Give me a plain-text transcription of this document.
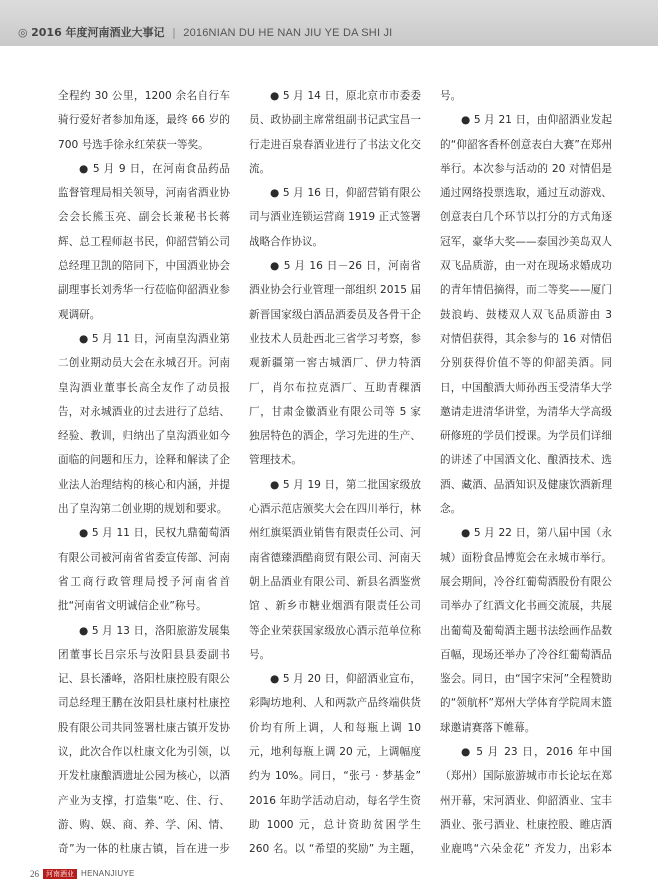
◎ 2016 年度河南酒业大事记 | 2016NIAN DU HE NAN JIU YE DA SHI JI

全程约 30 公里，1200 余名自行车骑行爱好者参加角逐，最终 66 岁的 700 号选手徐永红荣获一等奖。

● 5 月 9 日，在河南食品药品监督管理局相关领导，河南省酒业协会会长熊玉亮、副会长兼秘书长蒋辉、总工程师赵书民，仰韶营销公司总经理卫凯的陪同下，中国酒业协会副理事长刘秀华一行莅临仰韶酒业参观调研。

● 5 月 11 日，河南皇沟酒业第二创业期动员大会在永城召开。河南皇沟酒业董事长高全友作了动员报告，对永城酒业的过去进行了总结、经验、教训，归纳出了皇沟酒业如今面临的问题和压力，诠释和解读了企业法人治理结构的核心和内涵，并提出了皇沟第二创业期的规划和要求。

● 5 月 11 日，民权九鼎葡萄酒有限公司被河南省省委宣传部、河南省工商行政管理局授予河南省首批“河南省文明诚信企业”称号。

● 5 月 13 日，洛阳旅游发展集团董事长吕宗乐与汝阳县县委副书记、县长潘峰，洛阳杜康控股有限公司总经理王鹏在汝阳县杜康村杜康控股有限公司共同签署杜康古镇开发协议，此次合作以杜康文化为引领，以开发杜康酿酒遗址公园为核心，以酒产业为支撑，打造集“吃、住、行、游、购、娱、商、养、学、闲、情、奇”为一体的杜康古镇，旨在进一步

● 5 月 14 日，原北京市市委委员、政协副主席常组副书记武宝昌一行走进百泉春酒业进行了书法文化交流。

● 5 月 16 日，仰韶营销有限公司与酒业连锁运营商 1919 正式签署战略合作协议。

● 5 月 16 日－26 日，河南省酒业协会行业管理一部组织 2015 届新晋国家级白酒品酒委员及各骨干企业技术人员赴西北三省学习考察，参观新疆第一窖古城酒厂、伊力特酒厂，肖尔布拉克酒厂、互助青稞酒厂，甘肃金徽酒业有限公司等 5 家独居特色的酒企，学习先进的生产、管理技术。

● 5 月 19 日，第二批国家级放心酒示范店颁奖大会在四川举行，林州红旗渠酒业销售有限责任公司、河南省德臻酒酷商贸有限公司、河南天朝上品酒业有限公司、新县名酒鉴赏馆 、新乡市糖业烟酒有限责任公司等企业荣获国家级放心酒示范单位称号。

● 5 月 20 日，仰韶酒业宣布，彩陶坊地利、人和两款产品终端供货价均有所上调，人和每瓶上调 10 元，地利每瓶上调 20 元，上调幅度约为 10%。同日，“张弓 · 梦基金” 2016 年助学活动启动，每名学生资助 1000 元，总计资助贫困学生 260 名。以 “希望的奖励” 为主题，

号。

● 5 月 21 日，由仰韶酒业发起的“仰韶客香杯创意表白大赛”在郑州举行。本次参与活动的 20 对情侣是通过网络投票选取，通过互动游戏、创意表白几个环节以打分的方式角逐冠军，豪华大奖——泰国沙美岛双人双飞品质游，由一对在现场求婚成功的青年情侣摘得，而二等奖——厦门鼓浪屿、鼓楼双人双飞品质游由 3 对情侣获得，其余参与的 16 对情侣分别获得价值不等的仰韶美酒。同日，中国酿酒大师孙西玉受清华大学邀请走进清华讲堂，为清华大学高级研修班的学员们授课。为学员们详细的讲述了中国酒文化、酿酒技术、选酒、藏酒、品酒知识及健康饮酒新理念。

● 5 月 22 日，第八届中国（永城）面粉食品博览会在永城市举行。展会期间，冷谷红葡萄酒股份有限公司举办了红酒文化书画交流展，共展出葡萄及葡萄酒主题书法绘画作品数百幅，现场还举办了冷谷红葡萄酒品鉴会。同日，由“国字宋河”全程赞助的“领航杯”郑州大学体育学院周末篮球邀请赛落下帷幕。

● 5 月 23 日，2016 年中国（郑州）国际旅游城市市长论坛在郑州开幕，宋河酒业、仰韶酒业、宝丰酒业、张弓酒业、杜康控股、睢店酒业鹿鸣“六朵金花” 齐发力，出彩本

26	河南酒业 HENANJIUYE
